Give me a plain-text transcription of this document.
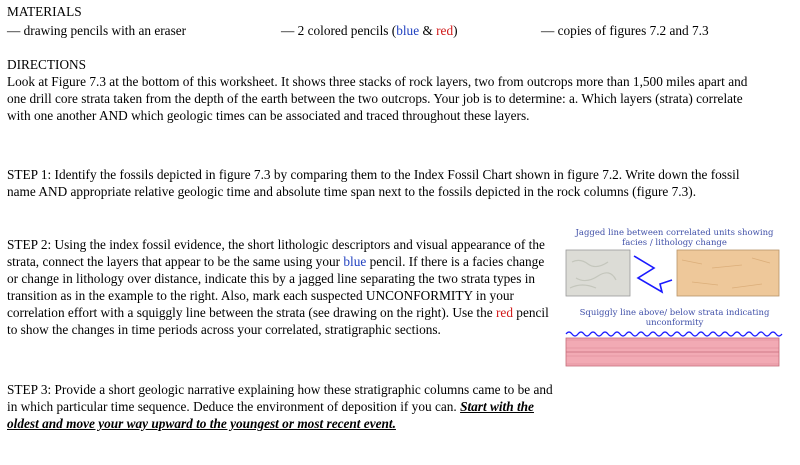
MATERIALS
— drawing pencils with an eraser	— 2 colored pencils (blue & red)	— copies of figures 7.2 and 7.3
DIRECTIONS

Look at Figure 7.3 at the bottom of this worksheet. It shows three stacks of rock layers, two from outcrops more than 1,500 miles apart and one drill core strata taken from the depth of the earth between the two outcrops. Your job is to determine: a. Which layers (strata) correlate with one another AND which geologic times can be associated and traced throughout these layers.

STEP 1: Identify the fossils depicted in figure 7.3 by comparing them to the Index Fossil Chart shown in figure 7.2. Write down the fossil name AND appropriate relative geologic time and absolute time span next to the fossils depicted in the rock columns (figure 7.3).

STEP 2: Using the index fossil evidence, the short lithologic descriptors and visual appearance of the strata, connect the layers that appear to be the same using your blue pencil. If there is a facies change or change in lithology over distance, indicate this by a jagged line separating the two strata types in transition as in the example to the right. Also, mark each suspected UNCONFORMITY in your correlation effort with a squiggly line between the strata (see drawing on the right). Use the red pencil to show the changes in time periods across your correlated, stratigraphic sections.

STEP 3: Provide a short geologic narrative explaining how these stratigraphic columns came to be and in which particular time sequence. Deduce the environment of deposition if you can. Start with the oldest and move your way upward to the youngest or most recent event.

Jagged line between correlated units showing facies / lithology change
Squiggly line above/ below strata indicating unconformity
